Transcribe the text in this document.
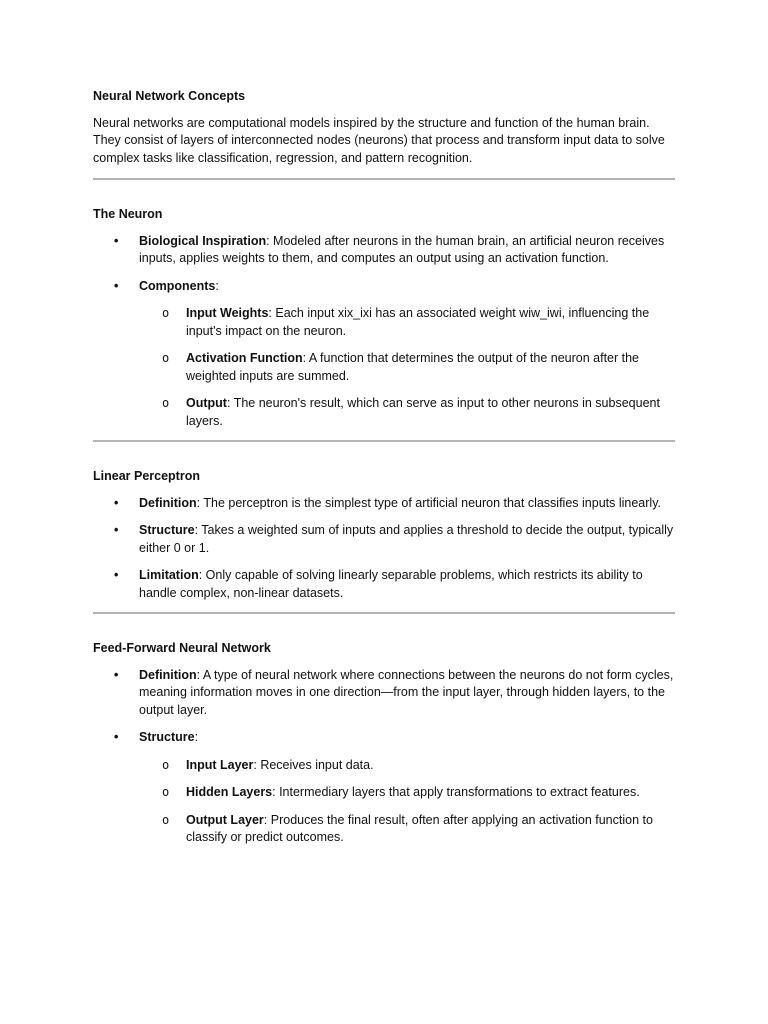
Neural Network Concepts

Neural networks are computational models inspired by the structure and function of the human brain. They consist of layers of interconnected nodes (neurons) that process and transform input data to solve complex tasks like classification, regression, and pattern recognition.

The Neuron
• Biological Inspiration: Modeled after neurons in the human brain, an artificial neuron receives inputs, applies weights to them, and computes an output using an activation function.
• Components:
o Input Weights: Each input xix_ixi has an associated weight wiw_iwi, influencing the input's impact on the neuron.
o Activation Function: A function that determines the output of the neuron after the weighted inputs are summed.
o Output: The neuron's result, which can serve as input to other neurons in subsequent layers.
Linear Perceptron
• Definition: The perceptron is the simplest type of artificial neuron that classifies inputs linearly.
• Structure: Takes a weighted sum of inputs and applies a threshold to decide the output, typically either 0 or 1.
• Limitation: Only capable of solving linearly separable problems, which restricts its ability to handle complex, non-linear datasets.
Feed-Forward Neural Network
• Definition: A type of neural network where connections between the neurons do not form cycles, meaning information moves in one direction—from the input layer, through hidden layers, to the output layer.
• Structure:
o Input Layer: Receives input data.
o Hidden Layers: Intermediary layers that apply transformations to extract features.
o Output Layer: Produces the final result, often after applying an activation function to classify or predict outcomes.
